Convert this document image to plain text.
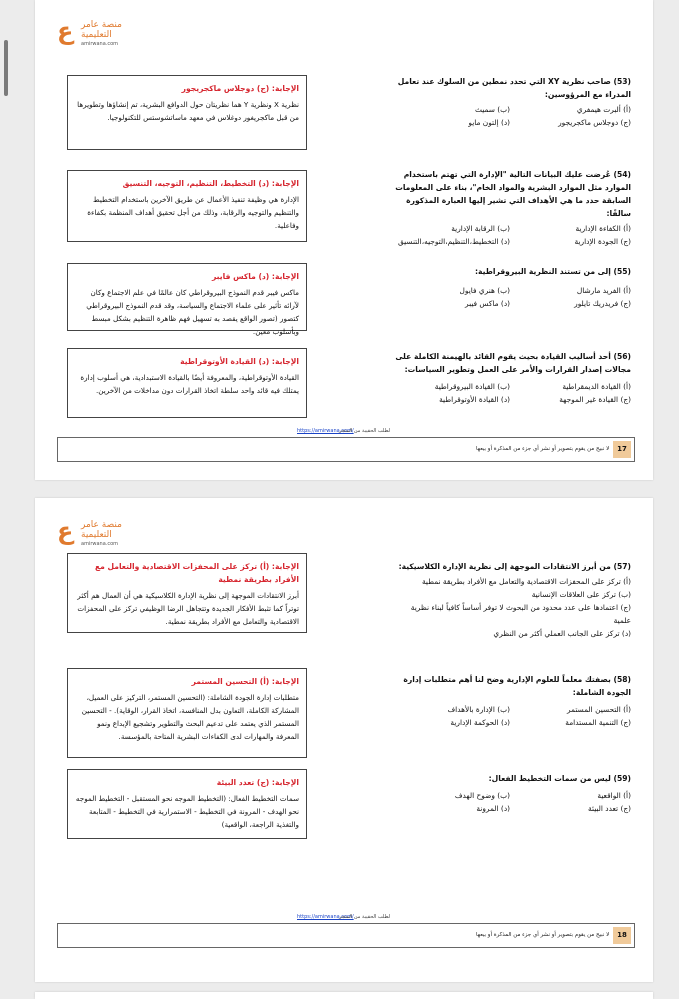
ع منصة عامر
التعليمية
amirwana.com
(53) صاحب نظرية XY التي تحدد نمطين من السلوك عند تعامل المدراء مع المرؤوسين:
(أ) ألبرت هيمفري
(ب) سميث
(ج) دوجلاس ماكجريجور
(د) إلتون مايو
الإجابة: (ج) دوجلاس ماكجريجور
نظرية X ونظرية Y هما نظريتان حول الدوافع البشرية، تم إنشاؤها وتطويرها من قبل ماكجريغور دوغلاس في معهد ماساتشوستس للتكنولوجيا.
(54) عُرضت عليك البيانات التالية "الإدارة التي تهتم باستخدام الموارد مثل الموارد البشرية والمواد الخام"، بناء على المعلومات السابقة حدد ما هي الأهداف التي تشير إليها العبارة المذكورة سالفًا:
(أ) الكفاءة الإدارية
(ب) الرقابة الإدارية
(ج) الجودة الإدارية
(د) التخطيط،التنظيم،التوجيه،التنسيق
الإجابة: (د) التخطيط، التنظيم، التوجيه، التنسيق
الإدارة هي وظيفة تنفيذ الأعمال عن طريق الآخرين باستخدام التخطيط والتنظيم والتوجيه والرقابة، وذلك من أجل تحقيق أهداف المنظمة بكفاءة وفاعلية.
(55) إلى من تستند النظرية البيروقراطية:
(أ) الفريد مارشال
(ب) هنري فايول
(ج) فريدريك تايلور
(د) ماكس فيبر
الإجابة: (د) ماكس فايبر
ماكس فيبر قدم النموذج البيروقراطي كان عالمًا في علم الاجتماع وكان لآرائه تأثير على علماء الاجتماع والسياسة، وقد قدم النموذج البيروقراطي كتصور (تصور الواقع يقصد به تسهيل فهم ظاهرة التنظيم بشكل مبسط وبأسلوب معين.
(56) أحد أساليب القيادة بحيث يقوم القائد بالهيمنة الكاملة على مجالات إصدار القرارات والأمر على العمل وتطوير السياسات:
(أ) القيادة الديمقراطية
(ب) القيادة البيروقراطية
(ج) القيادة غير الموجهة
(د) القيادة الأوتوقراطية
الإجابة: (د) القيادة الأوتوقراطية
القيادة الأوتوقراطية، والمعروفة أيضًا بالقيادة الاستبدادية، هي أسلوب إدارة يمتلك فيه قائد واحد سلطة اتخاذ القرارات دون مداخلات من الآخرين.
https://amirwana.com/
لطلب الحقيبة من المتجر
لا نبيح من يقوم بتصوير أو نشر أي جزء من المذكرة أو بيعها	17
ع منصة عامر
التعليمية
amirwana.com
(57) من أبرز الانتقادات الموجهة إلى نظرية الإدارة الكلاسيكية:
(أ) تركز على المحفزات الاقتصادية والتعامل مع الأفراد بطريقة نمطية
(ب) تركز على العلاقات الإنسانية
(ج) اعتمادها على عدد محدود من البحوث لا توفر أساساً كافياً لبناء نظرية علمية
(د) تركز على الجانب العملي أكثر من النظري
الإجابة: (أ) تركز على المحفزات الاقتصادية والتعامل مع الأفراد بطريقة نمطية
أبرز الانتقادات الموجهة إلى نظرية الإدارة الكلاسيكية هي أن العمال هم أكثر توتراً كما تثبط الأفكار الجديدة وتتجاهل الرضا الوظيفي تركز على المحفزات الاقتصادية والتعامل مع الأفراد بطريقة نمطية.
(58) بصفتك معلماً للعلوم الإدارية وضح لنا أهم متطلبات إدارة الجودة الشاملة:
(أ) التحسين المستمر
(ب) الإدارة بالأهداف
(ج) التنمية المستدامة
(د) الحوكمة الإدارية
الإجابة: (أ) التحسين المستمر
متطلبات إدارة الجودة الشاملة: (التحسين المستمر، التركيز على العميل، المشاركة الكاملة، التعاون بدل المنافسة، اتخاذ القرار، الوقاية). - التحسين المستمر الذي يعتمد على تدعيم البحث والتطوير وتشجيع الإبداع ونمو المعرفة والمهارات لدى الكفاءات البشرية المتاحة بالمؤسسة.
(59) ليس من سمات التخطيط الفعال:
(أ) الواقعية
(ب) وضوح الهدف
(ج) تعدد البيئة
(د) المرونة
الإجابة: (ج) تعدد البيئة
سمات التخطيط الفعال: (التخطيط الموجه نحو المستقبل - التخطيط الموجه نحو الهدف - المرونة في التخطيط - الاستمرارية في التخطيط - المتابعة والتغذية الراجعة، الواقعية)
https://amirwana.com/
لطلب الحقيبة من المتجر
لا نبيح من يقوم بتصوير أو نشر أي جزء من المذكرة أو بيعها	18
